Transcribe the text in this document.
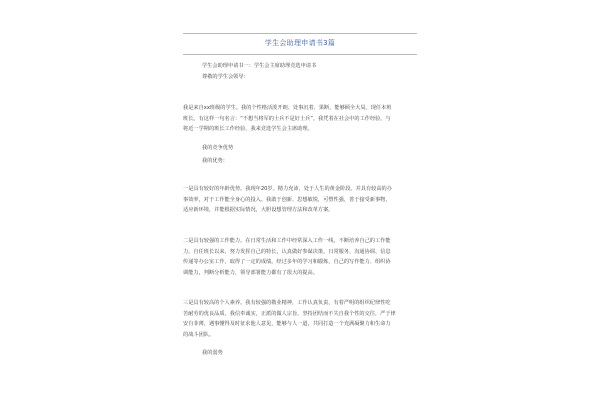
学生会助理申请书3篇
学生会助理申请书一：学生会主席助理竞选申请书
尊敬的学生会领导：
我是来自xx班级的学生。我的个性格活泼开朗、处事沉着、果断，能够顾全大局。现任本班
班长。有这样一句名言：“不想当将军的士兵不是好士兵”。我凭着在社会中的工作经验。与
将近一学期的班长工作经验，我来竞选学生会主席助理。
我的竞争优势
我的优势：
一是具有较好的年龄优势。我现年20岁。精力充沛，处于人生的黄金阶段。并具有较高的办
事效率，对于工作能全身心的投入。我敢于创新、思想敏锐，可塑性强，善于接受新事物，
适应新环境，并能根据实际情况，大胆设想管理方法和改革方案。
二是具有较强的工作能力。在日常生活和工作中经常深入工作一线，不断培养自己的工作能
力。自任班长以来，努力发挥自己的特长，认真做好参谋决策，日常服务、沟通协调、信息
传递等办公室工作，取得了一定的成绩。经过多年的学习和锻炼，自己的写作能力、组织协
调能力，判断分析能力，领导部署能力都有了很大的提高。
三是具有较高的个人素养。我有较强的敬业精神，工作认真负责，有着严明的组织纪律性吃
苦耐劳的优良品质，我信奉诚实，正派的做人宗旨，坚持团结而不失自我个性的交往，严于律
安自菲薄，遇事懂得及时征求他人意见，能够与人一道，共同打造一个充满凝聚力和生命力
的战斗团队。
我的弱势
